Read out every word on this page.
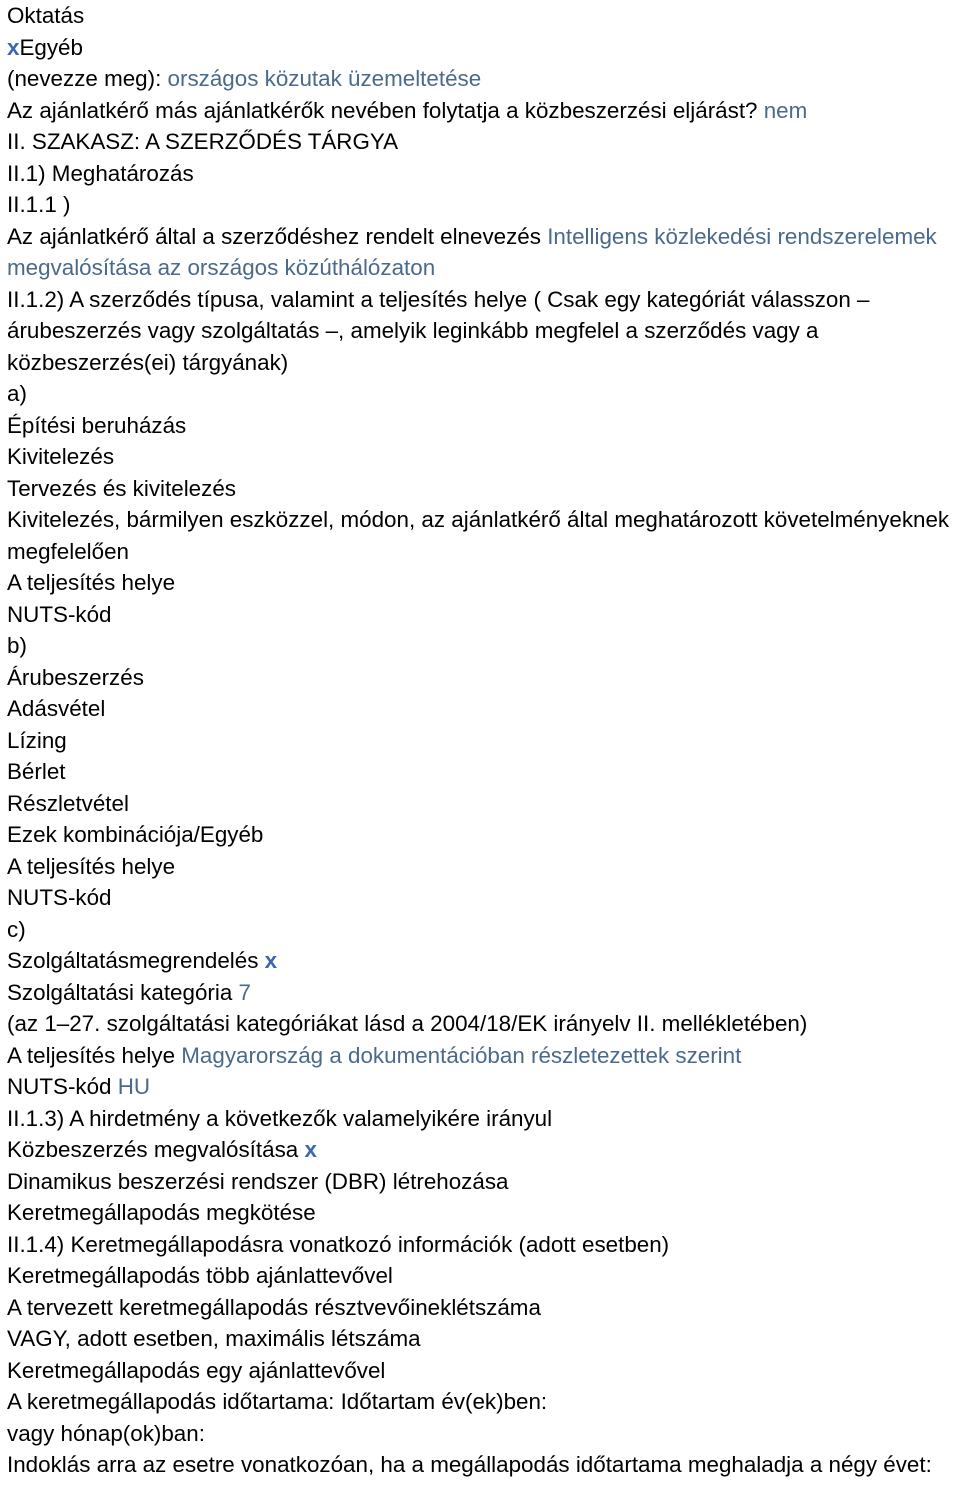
Oktatás
xEgyéb
(nevezze meg): országos közutak üzemeltetése
Az ajánlatkérő más ajánlatkérők nevében folytatja a közbeszerzési eljárást? nem
II. SZAKASZ: A SZERZŐDÉS TÁRGYA
II.1) Meghatározás
II.1.1 )
Az ajánlatkérő által a szerződéshez rendelt elnevezés Intelligens közlekedési rendszerelemek megvalósítása az országos közúthálózaton
II.1.2) A szerződés típusa, valamint a teljesítés helye ( Csak egy kategóriát válasszon – árubeszerzés vagy szolgáltatás –, amelyik leginkább megfelel a szerződés vagy a közbeszerzés(ei) tárgyának)
a)
Építési beruházás
Kivitelezés
Tervezés és kivitelezés
Kivitelezés, bármilyen eszközzel, módon, az ajánlatkérő által meghatározott követelményeknek megfelelően
A teljesítés helye
NUTS-kód
b)
Árubeszerzés
Adásvétel
Lízing
Bérlet
Részletvétel
Ezek kombinációja/Egyéb
A teljesítés helye
NUTS-kód
c)
Szolgáltatásmegrendelés x
Szolgáltatási kategória 7
(az 1–27. szolgáltatási kategóriákat lásd a 2004/18/EK irányelv II. mellékletében)
A teljesítés helye Magyarország a dokumentációban részletezettek szerint
NUTS-kód HU
II.1.3) A hirdetmény a következők valamelyikére irányul
Közbeszerzés megvalósítása x
Dinamikus beszerzési rendszer (DBR) létrehozása
Keretmegállapodás megkötése
II.1.4) Keretmegállapodásra vonatkozó információk (adott esetben)
Keretmegállapodás több ajánlattevővel
A tervezett keretmegállapodás résztvevőineklétszáma
VAGY, adott esetben, maximális létszáma
Keretmegállapodás egy ajánlattevővel
A keretmegállapodás időtartama: Időtartam év(ek)ben:
vagy hónap(ok)ban:
Indoklás arra az esetre vonatkozóan, ha a megállapodás időtartama meghaladja a négy évet:
